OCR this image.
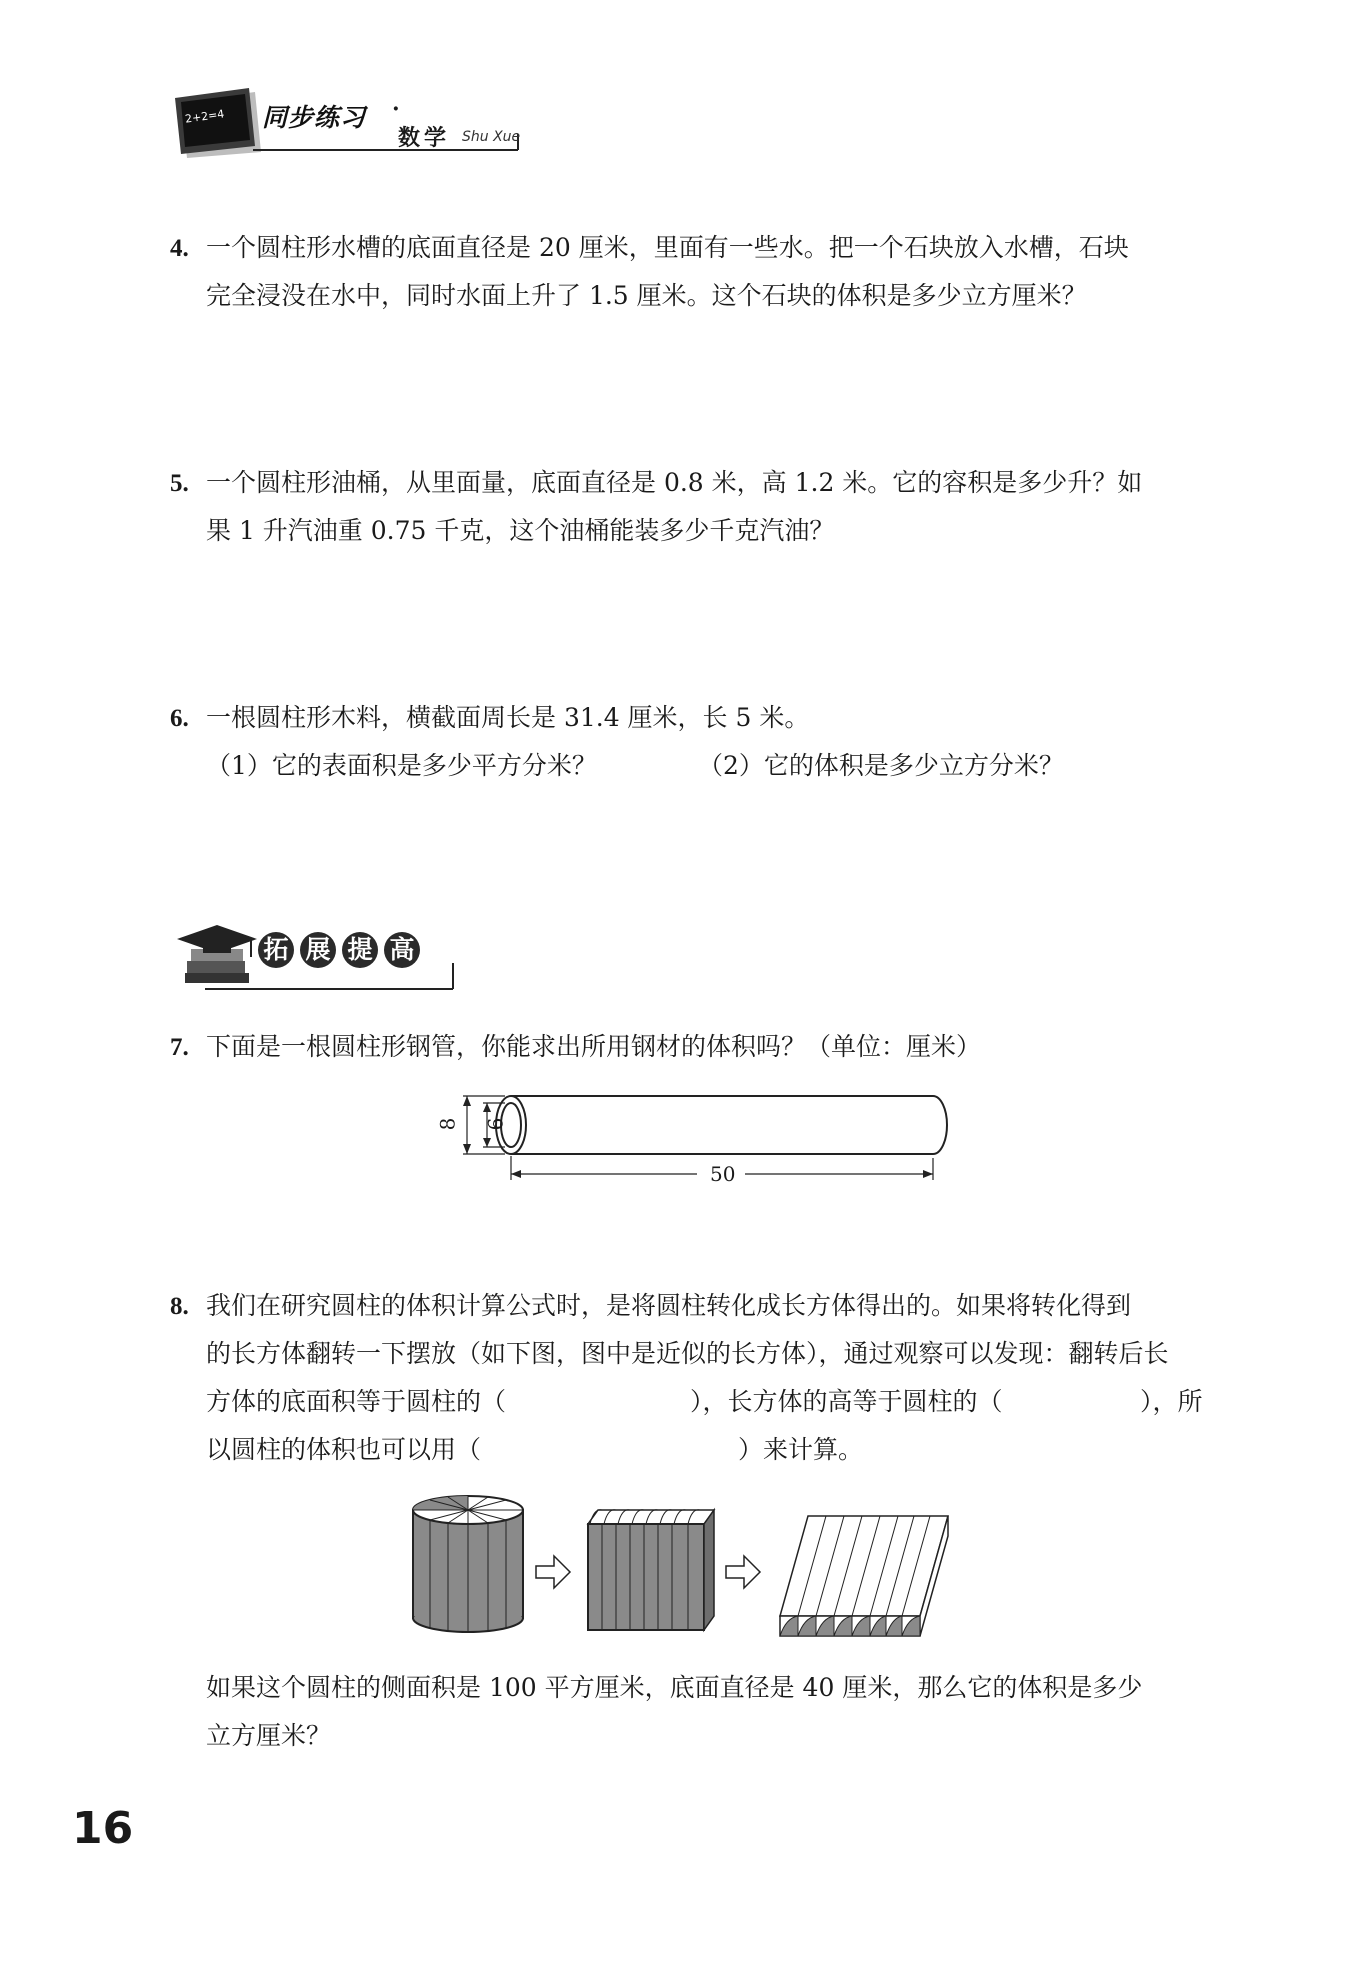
2+2=4 同步练习 ·
数学 Shu Xue
4. 一个圆柱形水槽的底面直径是 20 厘米，里面有一些水。把一个石块放入水槽，石块
完全浸没在水中，同时水面上升了 1.5 厘米。这个石块的体积是多少立方厘米？
5. 一个圆柱形油桶，从里面量，底面直径是 0.8 米，高 1.2 米。它的容积是多少升？如
果 1 升汽油重 0.75 千克，这个油桶能装多少千克汽油？
6. 一根圆柱形木料，横截面周长是 31.4 厘米，长 5 米。
（1）它的表面积是多少平方分米？	（2）它的体积是多少立方分米？
拓 展 提 高
7. 下面是一根圆柱形钢管，你能求出所用钢材的体积吗？（单位：厘米）
8 6
50
8. 我们在研究圆柱的体积计算公式时，是将圆柱转化成长方体得出的。如果将转化得到
的长方体翻转一下摆放（如下图，图中是近似的长方体），通过观察可以发现：翻转后长
方体的底面积等于圆柱的（	），长方体的高等于圆柱的（	），所
以圆柱的体积也可以用（	）来计算。
如果这个圆柱的侧面积是 100 平方厘米，底面直径是 40 厘米，那么它的体积是多少
立方厘米？
16
